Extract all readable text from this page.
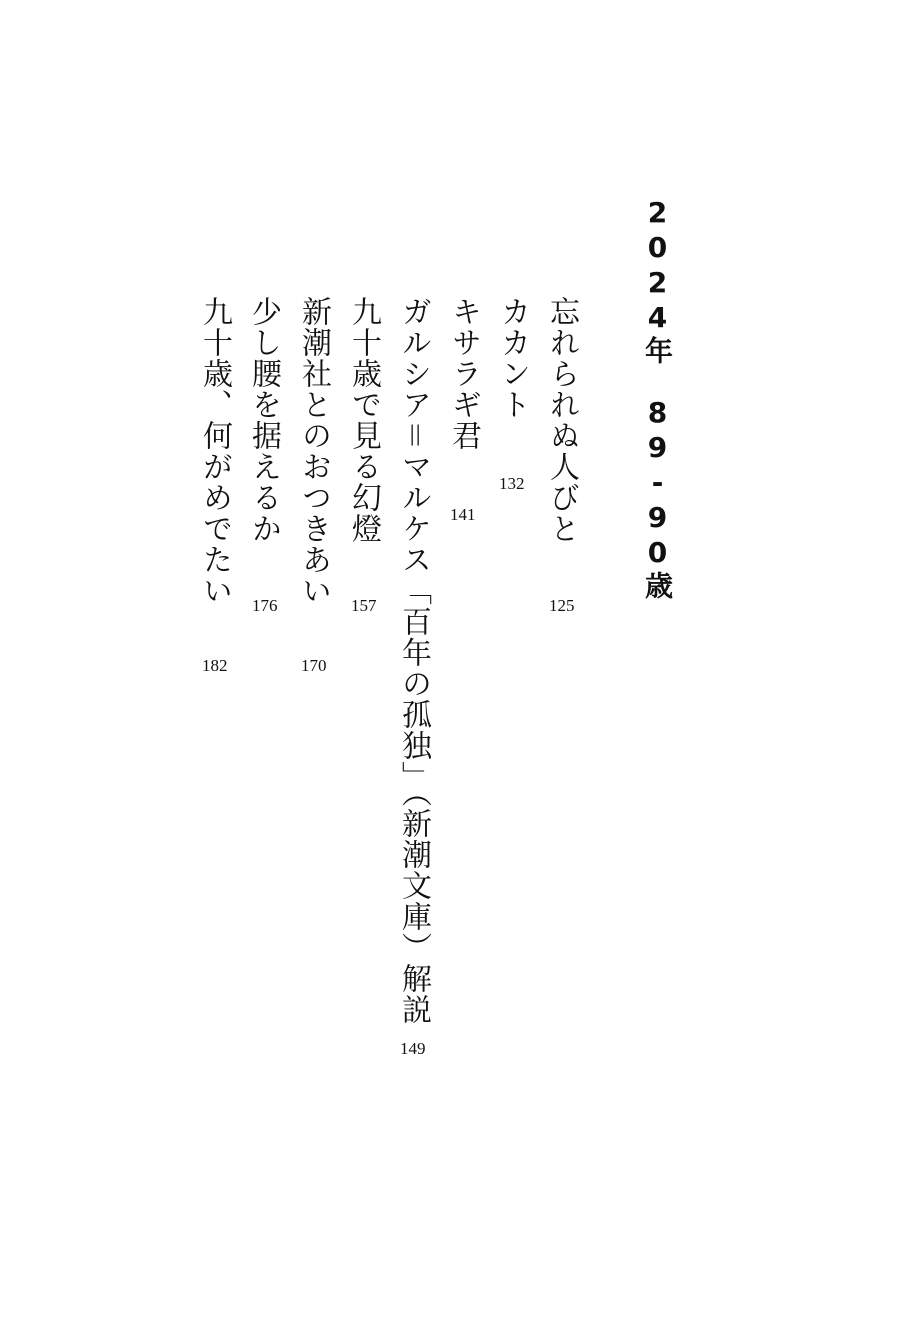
2024年　89-90歳
忘れられぬ人びと
125
カカント
132
キサラギ君
141
ガルシア＝マルケス「百年の孤独」（新潮文庫）解説
149
九十歳で見る幻燈
157
新潮社とのおつきあい
170
少し腰を据えるか
176
九十歳、何がめでたい
182
